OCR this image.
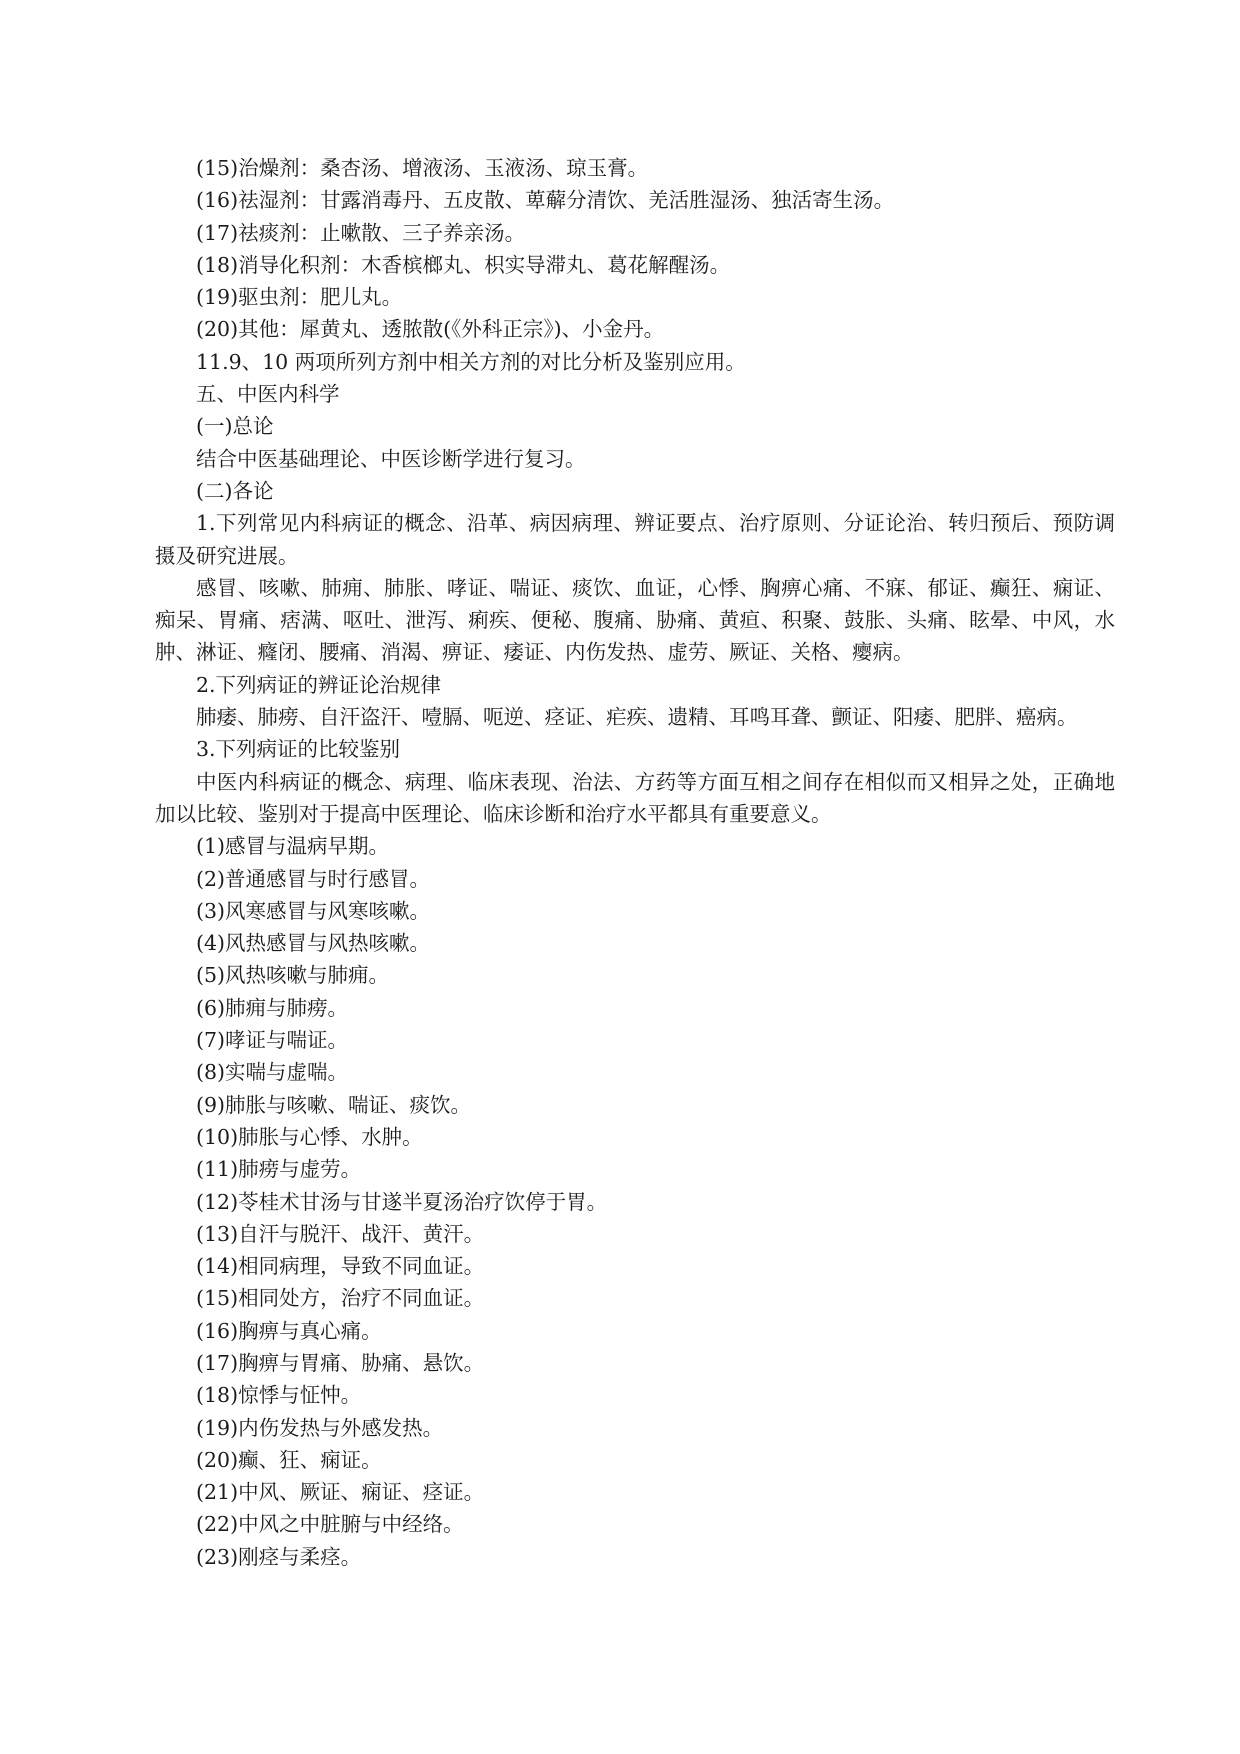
(15)治燥剂：桑杏汤、增液汤、玉液汤、琼玉膏。

(16)祛湿剂：甘露消毒丹、五皮散、萆薢分清饮、羌活胜湿汤、独活寄生汤。

(17)祛痰剂：止嗽散、三子养亲汤。

(18)消导化积剂：木香槟榔丸、枳实导滞丸、葛花解醒汤。

(19)驱虫剂：肥儿丸。

(20)其他：犀黄丸、透脓散(《外科正宗》)、小金丹。

11.9、10 两项所列方剂中相关方剂的对比分析及鉴别应用。

五、中医内科学

(一)总论

结合中医基础理论、中医诊断学进行复习。

(二)各论

1.下列常见内科病证的概念、沿革、病因病理、辨证要点、治疗原则、分证论治、转归预后、预防调摄及研究进展。

感冒、咳嗽、肺痈、肺胀、哮证、喘证、痰饮、血证，心悸、胸痹心痛、不寐、郁证、癫狂、痫证、痴呆、胃痛、痞满、呕吐、泄泻、痢疾、便秘、腹痛、胁痛、黄疸、积聚、鼓胀、头痛、眩晕、中风，水肿、淋证、癃闭、腰痛、消渴、痹证、痿证、内伤发热、虚劳、厥证、关格、瘿病。

2.下列病证的辨证论治规律

肺痿、肺痨、自汗盗汗、噎膈、呃逆、痉证、疟疾、遗精、耳鸣耳聋、颤证、阳痿、肥胖、癌病。

3.下列病证的比较鉴别

中医内科病证的概念、病理、临床表现、治法、方药等方面互相之间存在相似而又相异之处，正确地加以比较、鉴别对于提高中医理论、临床诊断和治疗水平都具有重要意义。

(1)感冒与温病早期。

(2)普通感冒与时行感冒。

(3)风寒感冒与风寒咳嗽。

(4)风热感冒与风热咳嗽。

(5)风热咳嗽与肺痈。

(6)肺痈与肺痨。

(7)哮证与喘证。

(8)实喘与虚喘。

(9)肺胀与咳嗽、喘证、痰饮。

(10)肺胀与心悸、水肿。

(11)肺痨与虚劳。

(12)苓桂术甘汤与甘遂半夏汤治疗饮停于胃。

(13)自汗与脱汗、战汗、黄汗。

(14)相同病理，导致不同血证。

(15)相同处方，治疗不同血证。

(16)胸痹与真心痛。

(17)胸痹与胃痛、胁痛、悬饮。

(18)惊悸与怔忡。

(19)内伤发热与外感发热。

(20)癫、狂、痫证。

(21)中风、厥证、痫证、痉证。

(22)中风之中脏腑与中经络。

(23)刚痉与柔痉。
